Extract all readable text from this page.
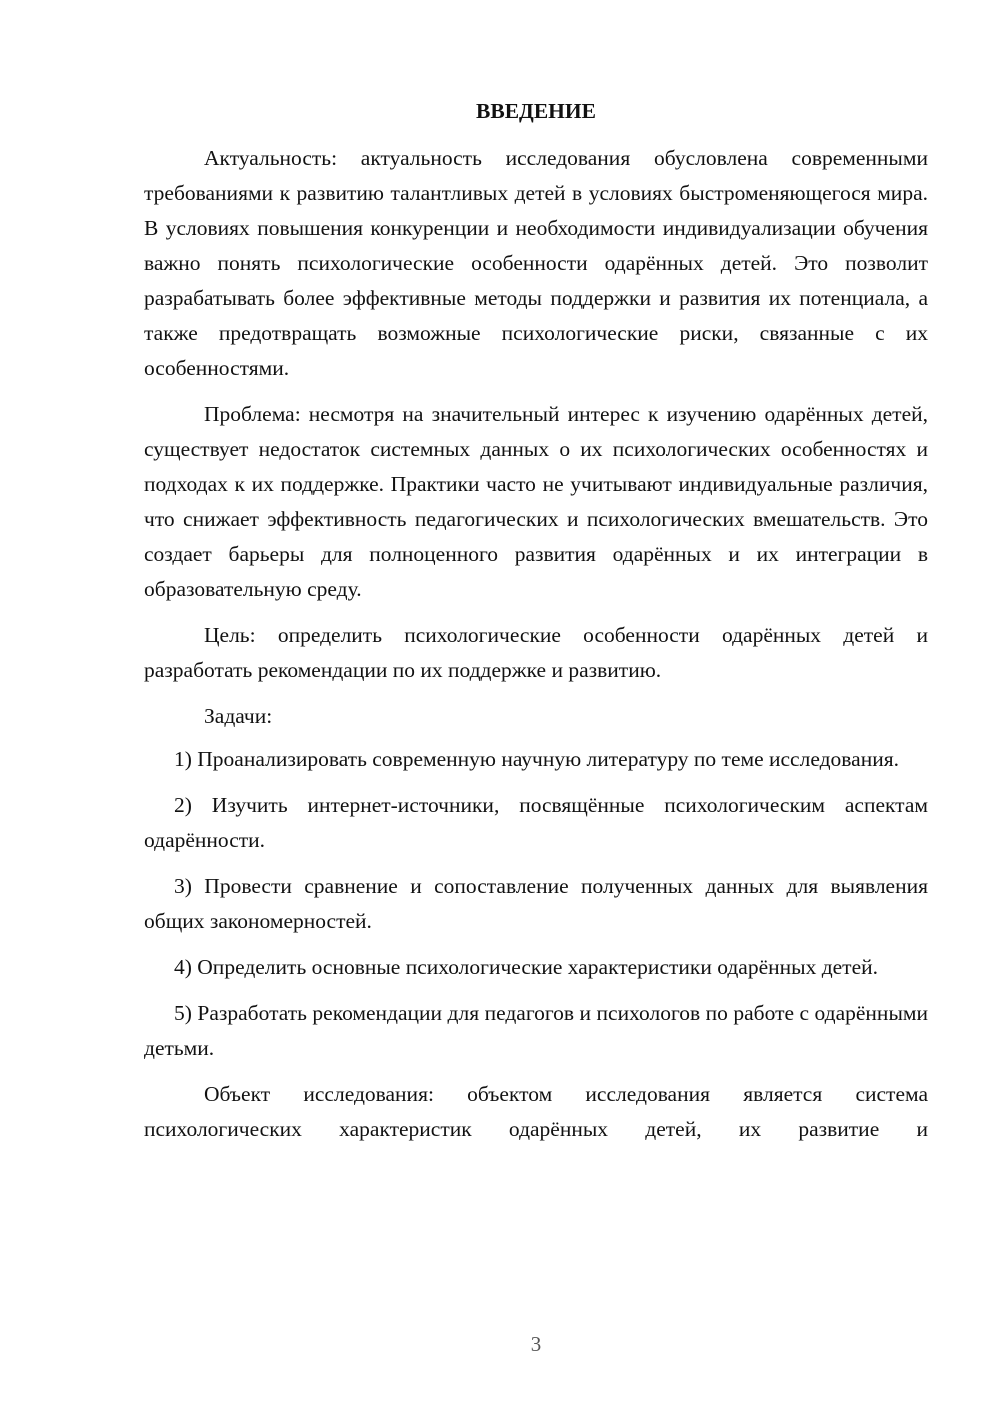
ВВЕДЕНИЕ

Актуальность: актуальность исследования обусловлена современными требованиями к развитию талантливых детей в условиях быстроменяющегося мира. В условиях повышения конкуренции и необходимости индивидуализации обучения важно понять психологические особенности одарённых детей. Это позволит разрабатывать более эффективные методы поддержки и развития их потенциала, а также предотвращать возможные психологические риски, связанные с их особенностями.

Проблема: несмотря на значительный интерес к изучению одарённых детей, существует недостаток системных данных о их психологических особенностях и подходах к их поддержке. Практики часто не учитывают индивидуальные различия, что снижает эффективность педагогических и психологических вмешательств. Это создает барьеры для полноценного развития одарённых и их интеграции в образовательную среду.

Цель: определить психологические особенности одарённых детей и разработать рекомендации по их поддержке и развитию.

Задачи:

1) Проанализировать современную научную литературу по теме исследования.

2) Изучить интернет-источники, посвящённые психологическим аспектам одарённости.

3) Провести сравнение и сопоставление полученных данных для выявления общих закономерностей.

4) Определить основные психологические характеристики одарённых детей.

5) Разработать рекомендации для педагогов и психологов по работе с одарёнными детьми.

Объект исследования: объектом исследования является система психологических характеристик одарённых детей, их развитие и

3
